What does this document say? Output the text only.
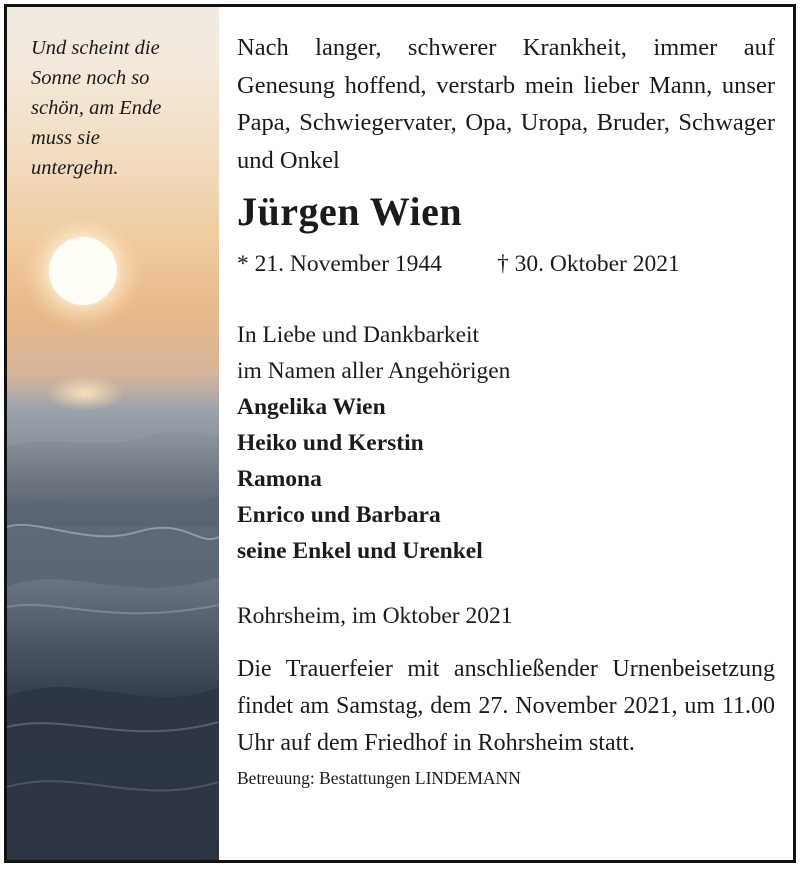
Und scheint die
Sonne noch so
schön, am Ende
muss sie
untergehn.

Nach langer, schwerer Krankheit, immer auf Genesung hoffend, verstarb mein lieber Mann, unser Papa, Schwiegervater, Opa, Uropa, Bruder, Schwager und Onkel

Jürgen Wien
* 21. November 1944 † 30. Oktober 2021
In Liebe und Dankbarkeit
im Namen aller Angehörigen
Angelika Wien
Heiko und Kerstin
Ramona
Enrico und Barbara
seine Enkel und Urenkel
Rohrsheim, im Oktober 2021

Die Trauerfeier mit anschließender Urnenbeisetzung findet am Samstag, dem 27. November 2021, um 11.00 Uhr auf dem Friedhof in Rohrsheim statt.

Betreuung: Bestattungen LINDEMANN
